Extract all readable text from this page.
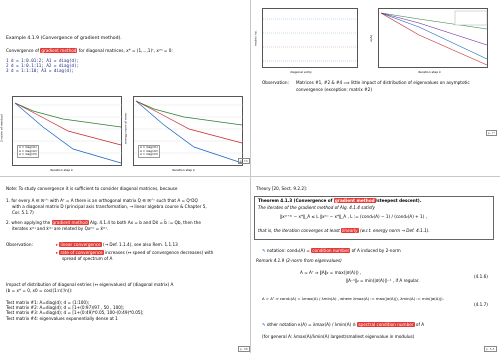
Example 4.1.9 (Convergence of gradient method).
Convergence of gradient method for diagonal matrices, x* = (1,...,1)ᵀ, x⁽⁰⁾ = 0:
1 d = 1:0.01:2; A1 = diag(d);
2 d = 1:0.1:11; A2 = diag(d);
3 d = 1:1:10; A3 = diag(d);
A = diag(d1)
A = diag(d2)
A = diag(d3)
2-norm of residual
iteration step k
A = diag(d1)
A = diag(d2)
A = diag(d3)
energy norm of error
iteration step k
p. 74
diagonal entry
matrix no.
iteration step k
κ(Aᵢ)
Observation: Matrices #1, #2 & #4 ⟹ little impact of distribution of eigenvalues on asymptotic
convergence (exception: matrix #2)
p. 7"
Note: To study convergence it is sufficient to consider diagonal matrices, because
1. for every A ∈ ℝⁿ'ⁿ with Aᵀ = A there is an orthogonal matrix Q ∈ ℝⁿ'ⁿ such that A = QᵀDQ
with a diagonal matrix D (principal axis transformation, → linear algebra course & Chapter 5,
Cor. 5.1.7)
2. when applying the gradient method Alg. 4.1.4 to both Ax = b and Dx̃ = b̃ := Qb, then the
iterates x⁽ᵏ⁾ and x̃⁽ᵏ⁾ are related by Qx⁽ᵏ⁾ = x̃⁽ᵏ⁾.
Observation:	▸ linear convergence (→ Def. 1.1.4), see also Rem. 1.1.13
▸ rate of convergence increases (↔ speed of convergence decreases) with
spread of spectrum of A
Impact of distribution of diagonal entries (↔ eigenvalues) of (diagonal matrix) A
(b = x* = 0, x0 = cos((1:n)'/n)):
Test matrix #1: A=diag(d); d = (1:100);
Test matrix #2: A=diag(d); d = [1+(0:97)/97 , 50 , 100];
Test matrix #3: A=diag(d); d = [1+(0:49)*0.05, 100-(0:49)*0.05];
Test matrix #4: eigenvalues exponentially dense at 1
p. 3θ
Theory [20, Sect. 9.2.2]:
Theorem 4.1.3 (Convergence of gradient method/steepest descent).
The iterates of the gradient method of Alg. 4.1.4 satisfy
‖x⁽ᵏ⁺¹⁾ − x*‖_A ≤ L ‖x⁽ᵏ⁾ − x*‖_A , L := (cond₂(A) − 1) / (cond₂(A) + 1) ,
that is, the iteration converges at least linearly (w.r.t. energy norm → Def. 4.1.1).
✎ notation: cond₂(A) = condition number of A induced by 2-norm
Remark 4.1.9 (2-norm from eigenvalues)
A = Aᵀ ⇒ ‖A‖₂ = max(|σ(A)|) ,
‖A⁻¹‖₂ = min(|σ(A)|)⁻¹ , if A regular.
(4.1.6)
A = Aᵀ ⇒ cond₂(A) = λmax(A) / λmin(A) , where λmax(A) := max(|σ(A)|), λmin(A) := min(|σ(A)|).
(4.1.7)
✎ other notation κ(A) = λmax(A) / λmin(A) ≙ spectral condition number of A
(for general A: λmax(A)/λmin(A) largest/smallest eigenvalue in modulus)
p. 5.5
